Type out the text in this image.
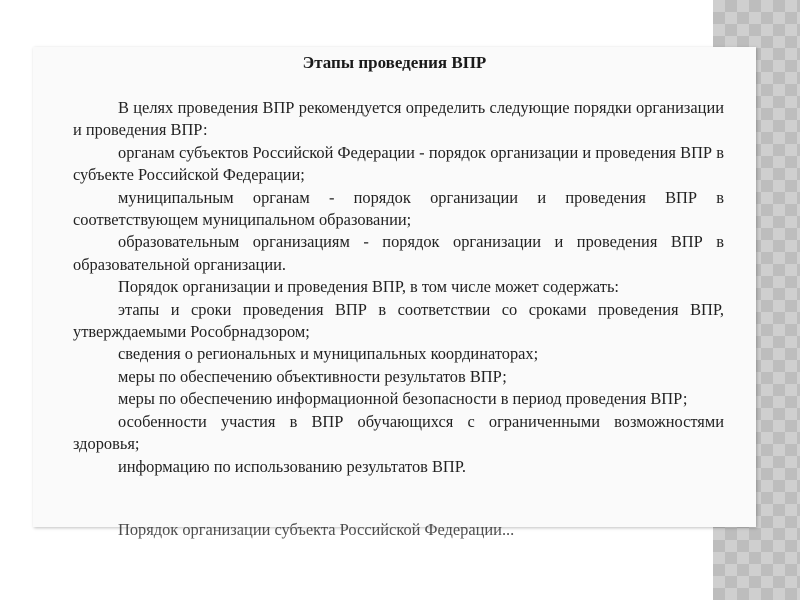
Этапы проведения ВПР

В целях проведения ВПР рекомендуется определить следующие порядки организации и проведения ВПР:

органам субъектов Российской Федерации - порядок организации и проведения ВПР в субъекте Российской Федерации;

муниципальным органам - порядок организации и проведения ВПР в соответствующем муниципальном образовании;

образовательным организациям - порядок организации и проведения ВПР в образовательной организации.

Порядок организации и проведения ВПР, в том числе может содержать:

этапы и сроки проведения ВПР в соответствии со сроками проведения ВПР, утверждаемыми Рособрнадзором;

сведения о региональных и муниципальных координаторах;

меры по обеспечению объективности результатов ВПР;

меры по обеспечению информационной безопасности в период проведения ВПР;

особенности участия в ВПР обучающихся с ограниченными возможностями здоровья;

информацию по использованию результатов ВПР.

Порядок организации субъекта Российской Федерации...
